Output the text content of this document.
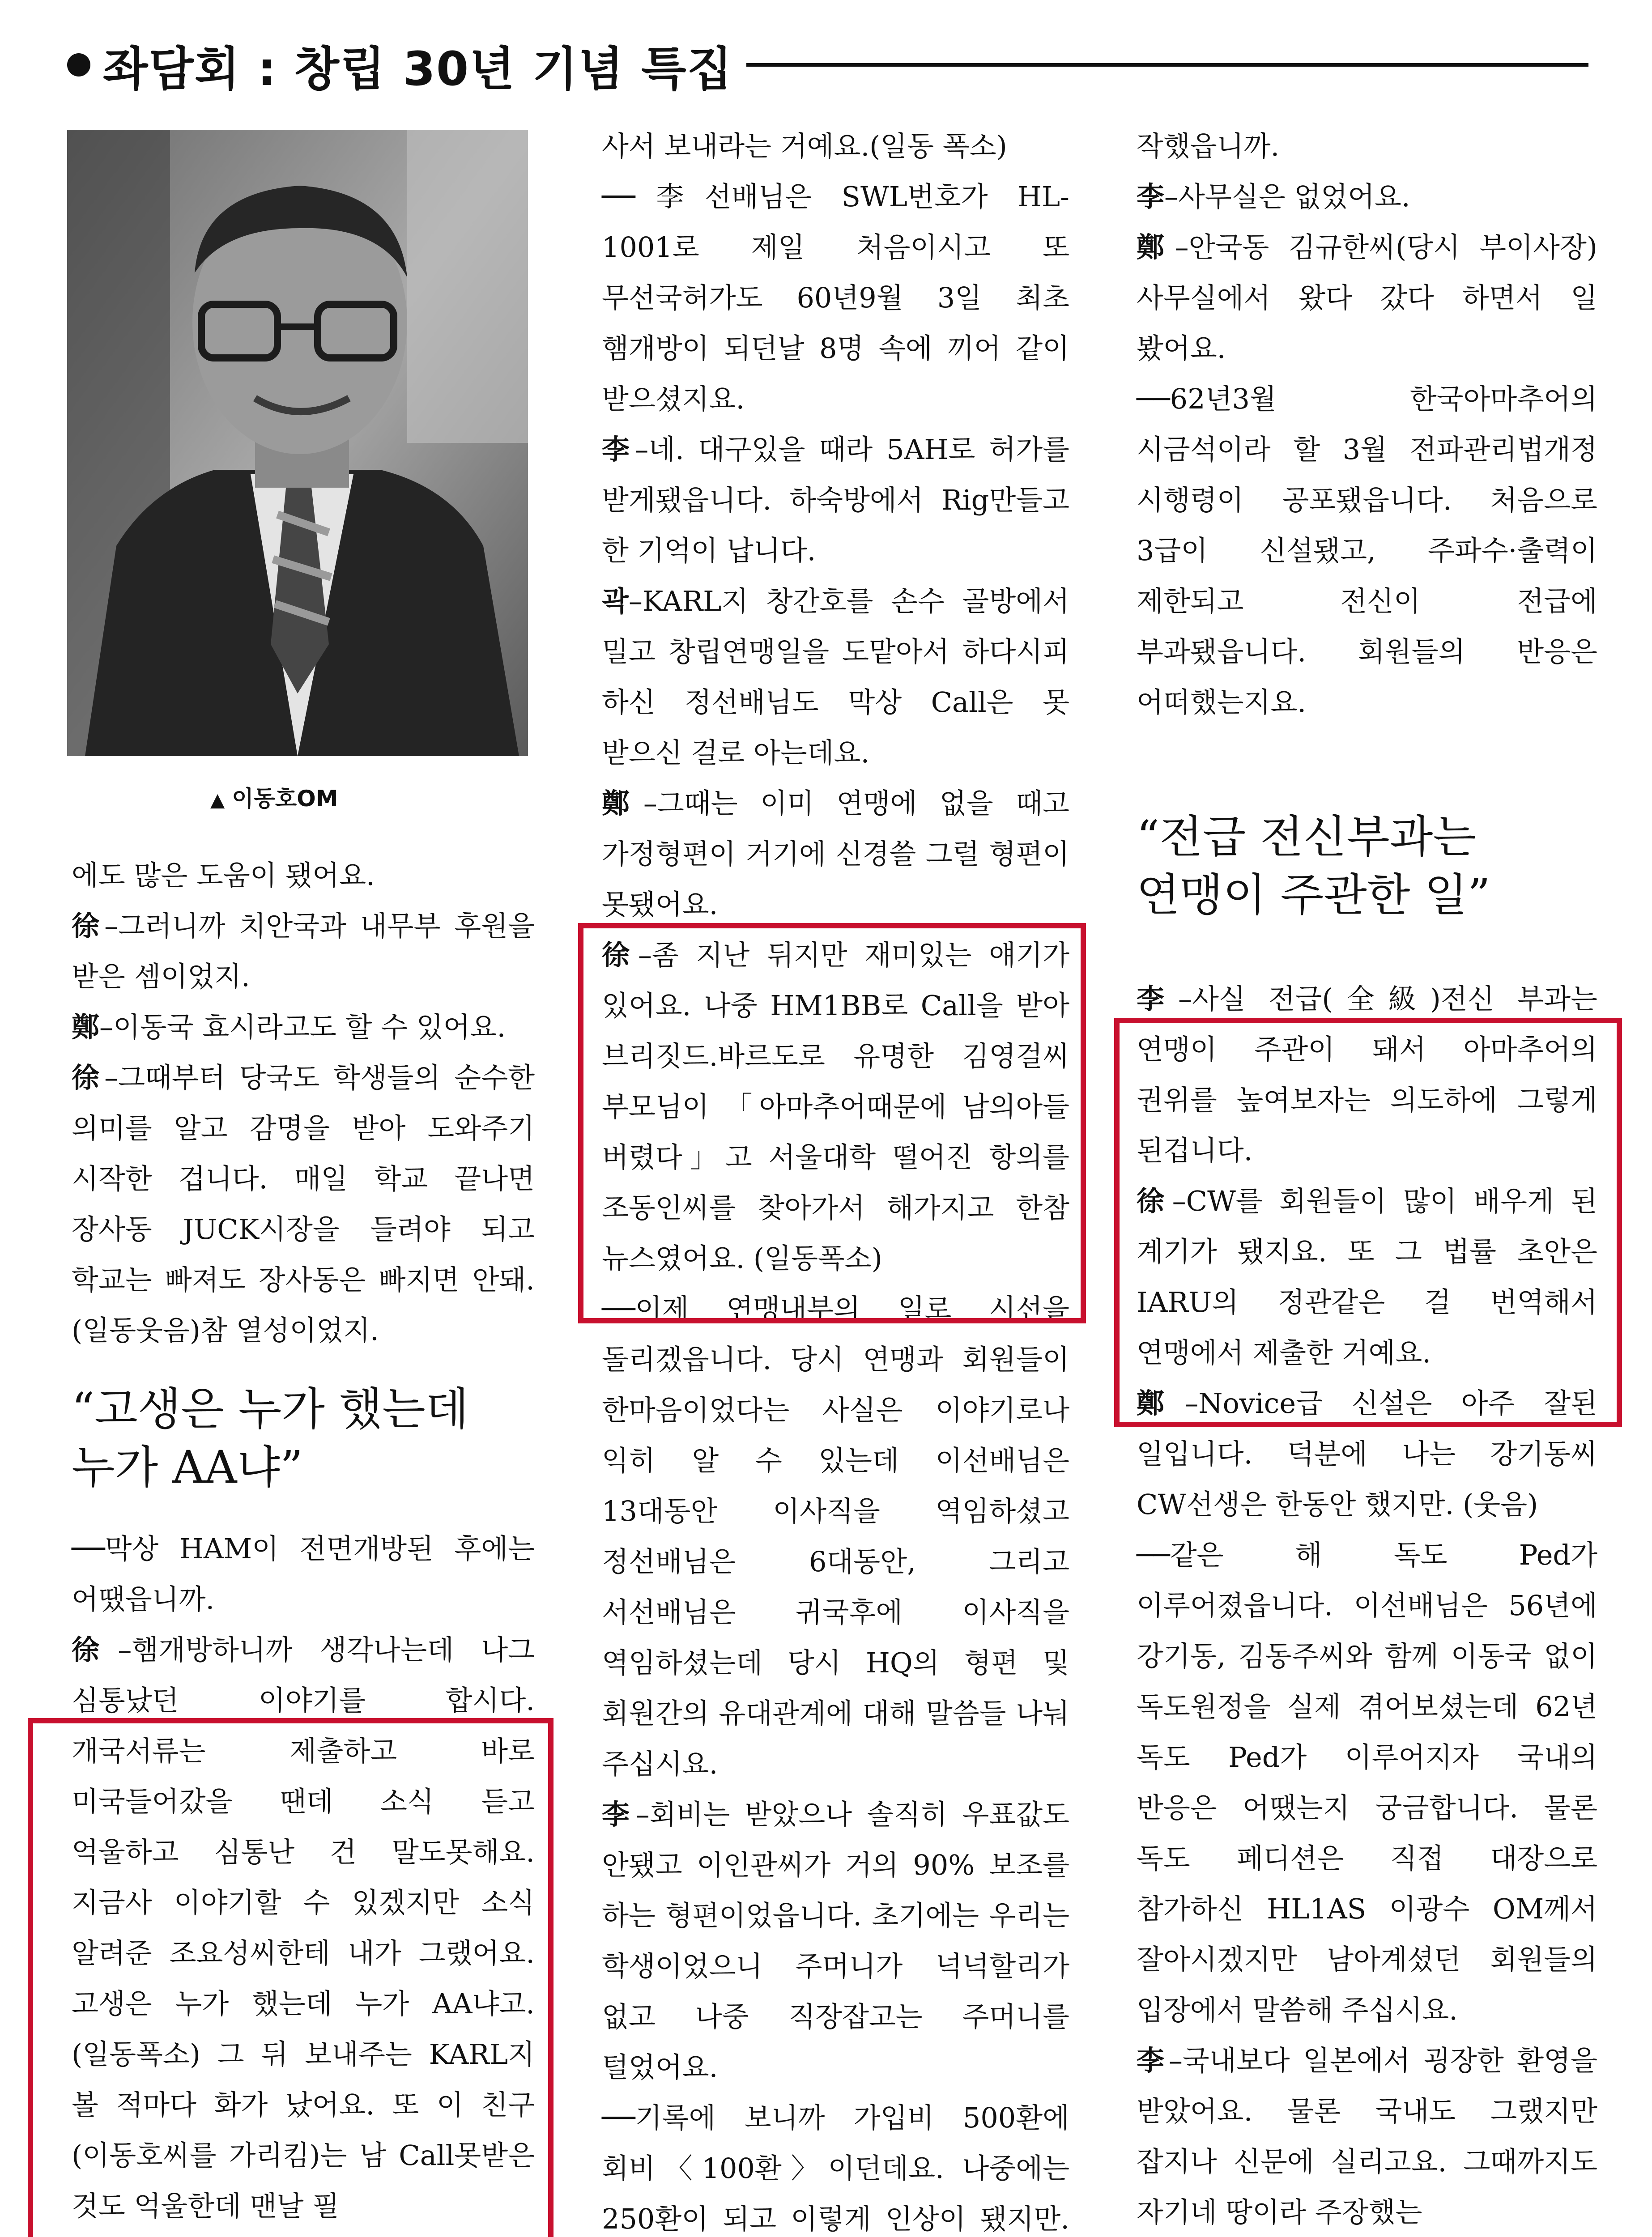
좌담회 : 창립 30년 기념 특집
▲ 이동호OM

에도 많은 도움이 됐어요.

徐–그러니까 치안국과 내무부 후원을 받은 셈이었지.

鄭–이동국 효시라고도 할 수 있어요.

徐–그때부터 당국도 학생들의 순수한 의미를 알고 감명을 받아 도와주기 시작한 겁니다. 매일 학교 끝나면 장사동 JUCK시장을 들려야 되고 학교는 빠져도 장사동은 빠지면 안돼. (일동웃음)참 열성이었지.

“고생은 누가 했는데 누가 AA냐”

──막상 HAM이 전면개방된 후에는 어땠읍니까.

徐–햄개방하니까 생각나는데 나그 심통났던 이야기를 합시다. 개국서류는 제출하고 바로 미국들어갔을 땐데 소식 듣고 억울하고 심통난 건 말도못해요. 지금사 이야기할 수 있겠지만 소식 알려준 조요성씨한테 내가 그랬어요. 고생은 누가 했는데 누가 AA냐고. (일동폭소) 그 뒤 보내주는 KARL지 볼 적마다 화가 났어요. 또 이 친구(이동호씨를 가리킴)는 남 Call못받은 것도 억울한데 맨날 필

사서 보내라는 거예요.(일동 폭소)

──李선배님은 SWL번호가 HL-1001로 제일 처음이시고 또 무선국허가도 60년9월 3일 최초 햄개방이 되던날 8명 속에 끼어 같이 받으셨지요.

李–네. 대구있을 때라 5AH로 허가를 받게됐읍니다. 하숙방에서 Rig만들고 한 기억이 납니다.

곽–KARL지 창간호를 손수 골방에서 밀고 창립연맹일을 도맡아서 하다시피 하신 정선배님도 막상 Call은 못 받으신 걸로 아는데요.

鄭–그때는 이미 연맹에 없을 때고 가정형편이 거기에 신경쓸 그럴 형편이 못됐어요.

徐–좀 지난 뒤지만 재미있는 얘기가 있어요. 나중 HM1BB로 Call을 받아 브리짓드.바르도로 유명한 김영걸씨 부모님이 「아마추어때문에 남의아들 버렸다」고 서울대학 떨어진 항의를 조동인씨를 찾아가서 해가지고 한참 뉴스였어요. (일동폭소)

──이제 연맹내부의 일로 시선을 돌리겠읍니다. 당시 연맹과 회원들이 한마음이었다는 사실은 이야기로나 익히 알 수 있는데 이선배님은 13대동안 이사직을 역임하셨고 정선배님은 6대동안, 그리고 서선배님은 귀국후에 이사직을 역임하셨는데 당시 HQ의 형편 및 회원간의 유대관계에 대해 말씀들 나눠 주십시요.

李–회비는 받았으나 솔직히 우표값도 안됐고 이인관씨가 거의 90% 보조를 하는 형편이었읍니다. 초기에는 우리는 학생이었으니 주머니가 넉넉할리가 없고 나중 직장잡고는 주머니를 털었어요.

──기록에 보니까 가입비 500환에 회비〈100환〉이던데요. 나중에는 250환이 되고 이렇게 인상이 됐지만.

작했읍니까.

李–사무실은 없었어요.

鄭–안국동 김규한씨(당시 부이사장)사무실에서 왔다 갔다 하면서 일 봤어요.

──62년3월 한국아마추어의 시금석이라 할 3월 전파관리법개정 시행령이 공포됐읍니다. 처음으로 3급이 신설됐고, 주파수·출력이 제한되고 전신이 전급에 부과됐읍니다. 회원들의 반응은 어떠했는지요.

“전급 전신부과는 연맹이 주관한 일”

李–사실 전급(全級)전신 부과는 연맹이 주관이 돼서 아마추어의 권위를 높여보자는 의도하에 그렇게 된겁니다.

徐–CW를 회원들이 많이 배우게 된 계기가 됐지요. 또 그 법률 초안은 IARU의 정관같은 걸 번역해서 연맹에서 제출한 거예요.

鄭–Novice급 신설은 아주 잘된 일입니다. 덕분에 나는 강기동씨 CW선생은 한동안 했지만. (웃음)

──같은 해 독도 Ped가 이루어졌읍니다. 이선배님은 56년에 강기동, 김동주씨와 함께 이동국 없이 독도원정을 실제 겪어보셨는데 62년 독도 Ped가 이루어지자 국내의 반응은 어땠는지 궁금합니다. 물론 독도 페디션은 직접 대장으로 참가하신 HL1AS 이광수 OM께서 잘아시겠지만 남아계셨던 회원들의 입장에서 말씀해 주십시요.

李–국내보다 일본에서 굉장한 환영을 받았어요. 물론 국내도 그랬지만 잡지나 신문에 실리고요. 그때까지도 자기네 땅이라 주장했는
